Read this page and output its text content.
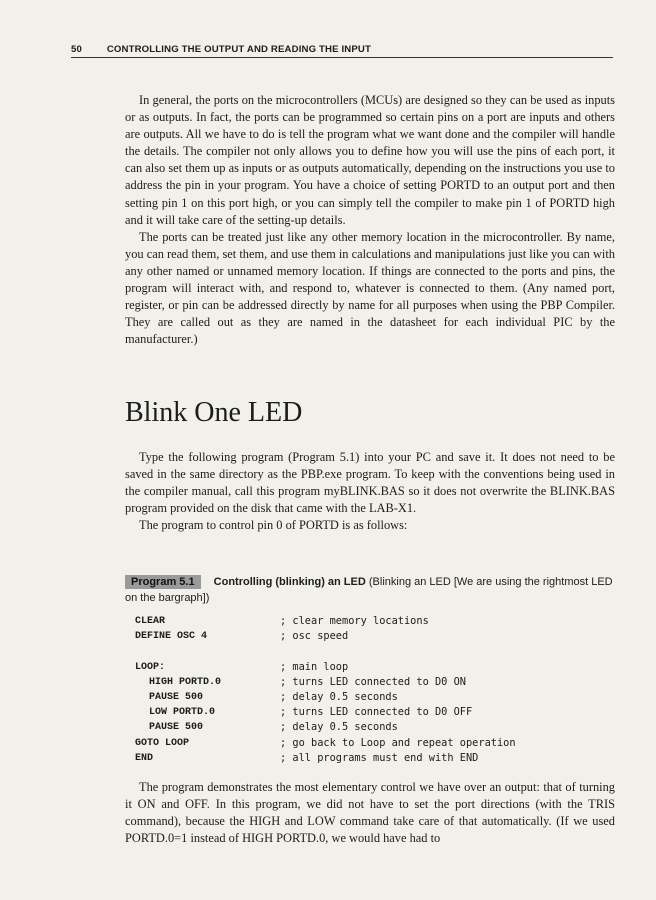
50	CONTROLLING THE OUTPUT AND READING THE INPUT

In general, the ports on the microcontrollers (MCUs) are designed so they can be used as inputs or as outputs. In fact, the ports can be programmed so certain pins on a port are inputs and others are outputs. All we have to do is tell the program what we want done and the compiler will handle the details. The compiler not only allows you to define how you will use the pins of each port, it can also set them up as inputs or as outputs automatically, depending on the instructions you use to address the pin in your program. You have a choice of setting PORTD to an output port and then setting pin 1 on this port high, or you can simply tell the compiler to make pin 1 of PORTD high and it will take care of the setting-up details.

The ports can be treated just like any other memory location in the microcontroller. By name, you can read them, set them, and use them in calculations and manipulations just like you can with any other named or unnamed memory location. If things are connected to the ports and pins, the program will interact with, and respond to, whatever is connected to them. (Any named port, register, or pin can be addressed directly by name for all purposes when using the PBP Compiler. They are called out as they are named in the datasheet for each individual PIC by the manufacturer.)

Blink One LED

Type the following program (Program 5.1) into your PC and save it. It does not need to be saved in the same directory as the PBP.exe program. To keep with the conventions being used in the compiler manual, call this program myBLINK.BAS so it does not overwrite the BLINK.BAS program provided on the disk that came with the LAB-X1.

The program to control pin 0 of PORTD is as follows:

Program 5.1 Controlling (blinking) an LED (Blinking an LED [We are using the rightmost LED on the bargraph])
CLEAR	; clear memory locations
DEFINE OSC 4	; osc speed
LOOP:	; main loop
HIGH PORTD.0	; turns LED connected to D0 ON
PAUSE 500	; delay 0.5 seconds
LOW PORTD.0	; turns LED connected to D0 OFF
PAUSE 500	; delay 0.5 seconds
GOTO LOOP	; go back to Loop and repeat operation
END	; all programs must end with END

The program demonstrates the most elementary control we have over an output: that of turning it ON and OFF. In this program, we did not have to set the port directions (with the TRIS command), because the HIGH and LOW command take care of that automatically. (If we used PORTD.0=1 instead of HIGH PORTD.0, we would have had to
